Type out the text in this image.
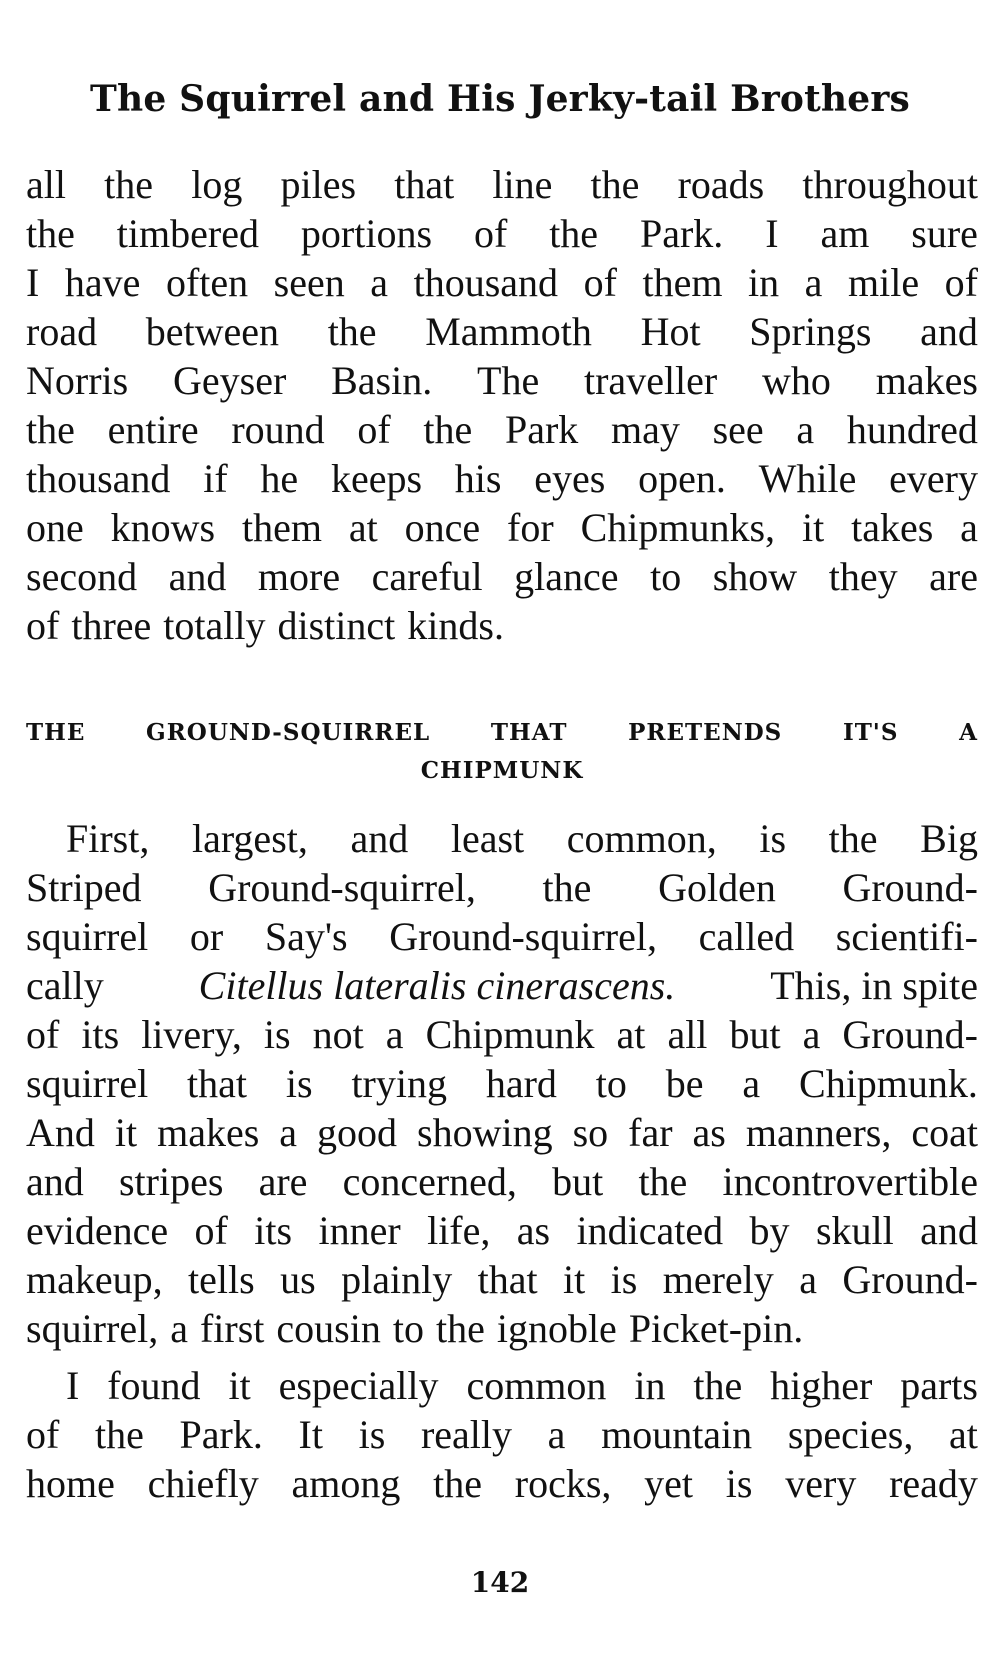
The Squirrel and His Jerky-tail Brothers
all the log piles that line the roads throughout
the timbered portions of the Park. I am sure
I have often seen a thousand of them in a mile of
road between the Mammoth Hot Springs and
Norris Geyser Basin. The traveller who makes
the entire round of the Park may see a hundred
thousand if he keeps his eyes open. While every
one knows them at once for Chipmunks, it takes a
second and more careful glance to show they are
of three totally distinct kinds.
THE	GROUND-SQUIRREL	THAT	PRETENDS	IT'S	A
CHIPMUNK
First, largest, and least common, is the Big
Striped Ground-squirrel, the Golden Ground-
squirrel or Say's Ground-squirrel, called scientifi-
cally Citellus lateralis cinerascens. This, in spite
of its livery, is not a Chipmunk at all but a Ground-
squirrel that is trying hard to be a Chipmunk.
And it makes a good showing so far as manners, coat
and stripes are concerned, but the incontrovertible
evidence of its inner life, as indicated by skull and
makeup, tells us plainly that it is merely a Ground-
squirrel, a first cousin to the ignoble Picket-pin.
I found it especially common in the higher parts
of the Park. It is really a mountain species, at
home chiefly among the rocks, yet is very ready
142
